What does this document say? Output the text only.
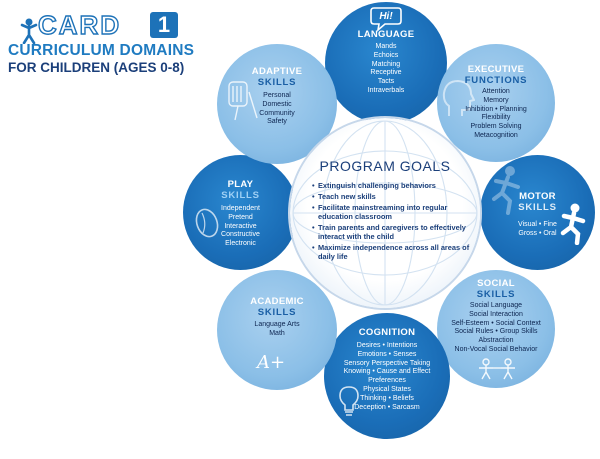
CARD	1
CURRICULUM DOMAINS
FOR CHILDREN (AGES 0-8)
Hi!
LANGUAGE
Mands
Echoics
Matching
Receptive
Tacts
Intraverbals
EXECUTIVE
FUNCTIONS
Attention
Memory
Inhibition • Planning
Flexibility
Problem Solving
Metacognition
MOTOR
SKILLS
Visual • Fine
Gross • Oral
SOCIAL
SKILLS
Social Language
Social Interaction
Self-Esteem • Social Context
Social Rules • Group Skills
Abstraction
Non-Vocal Social Behavior
COGNITION
Desires • Intentions
Emotions • Senses
Sensory Perspective Taking
Knowing • Cause and Effect
Preferences
Physical States
Thinking • Beliefs
Deception • Sarcasm
ACADEMIC
SKILLS
Language Arts
Math
A+
PLAY
SKILLS
Independent
Pretend
Interactive
Constructive
Electronic
ADAPTIVE
SKILLS
Personal
Domestic
Community
Safety
PROGRAM GOALS
• Extinguish challenging behaviors
• Teach new skills
• Facilitate mainstreaming into regular education classroom
• Train parents and caregivers to effectively interact with the child
• Maximize independence across all areas of daily life
